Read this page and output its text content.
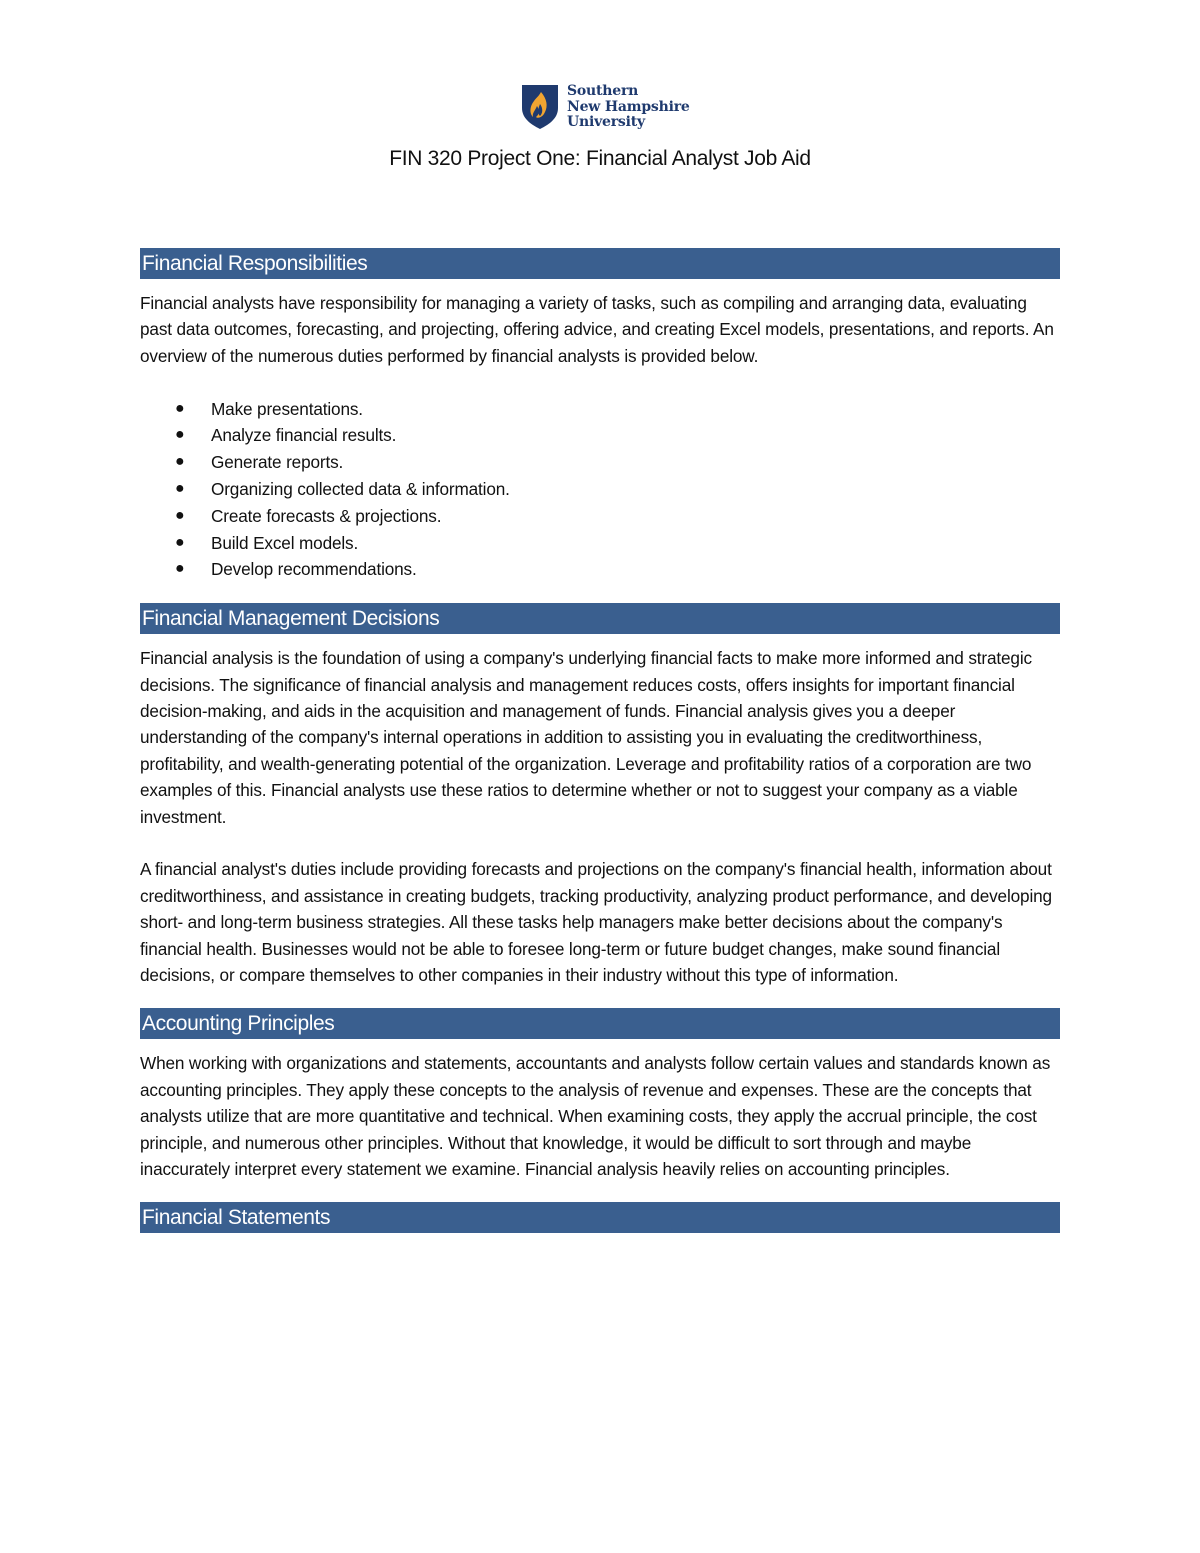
Southern
New Hampshire
University
FIN 320 Project One: Financial Analyst Job Aid
Financial Responsibilities

Financial analysts have responsibility for managing a variety of tasks, such as compiling and arranging data, evaluating past data outcomes, forecasting, and projecting, offering advice, and creating Excel models, presentations, and reports. An overview of the numerous duties performed by financial analysts is provided below.

● Make presentations.
● Analyze financial results.
● Generate reports.
● Organizing collected data & information.
● Create forecasts & projections.
● Build Excel models.
● Develop recommendations.
Financial Management Decisions

Financial analysis is the foundation of using a company's underlying financial facts to make more informed and strategic decisions. The significance of financial analysis and management reduces costs, offers insights for important financial decision-making, and aids in the acquisition and management of funds. Financial analysis gives you a deeper understanding of the company's internal operations in addition to assisting you in evaluating the creditworthiness, profitability, and wealth-generating potential of the organization. Leverage and profitability ratios of a corporation are two examples of this. Financial analysts use these ratios to determine whether or not to suggest your company as a viable investment.

A financial analyst's duties include providing forecasts and projections on the company's financial health, information about creditworthiness, and assistance in creating budgets, tracking productivity, analyzing product performance, and developing short- and long-term business strategies. All these tasks help managers make better decisions about the company's financial health. Businesses would not be able to foresee long-term or future budget changes, make sound financial decisions, or compare themselves to other companies in their industry without this type of information.

Accounting Principles

When working with organizations and statements, accountants and analysts follow certain values and standards known as accounting principles. They apply these concepts to the analysis of revenue and expenses. These are the concepts that analysts utilize that are more quantitative and technical. When examining costs, they apply the accrual principle, the cost principle, and numerous other principles. Without that knowledge, it would be difficult to sort through and maybe inaccurately interpret every statement we examine. Financial analysis heavily relies on accounting principles.

Financial Statements
